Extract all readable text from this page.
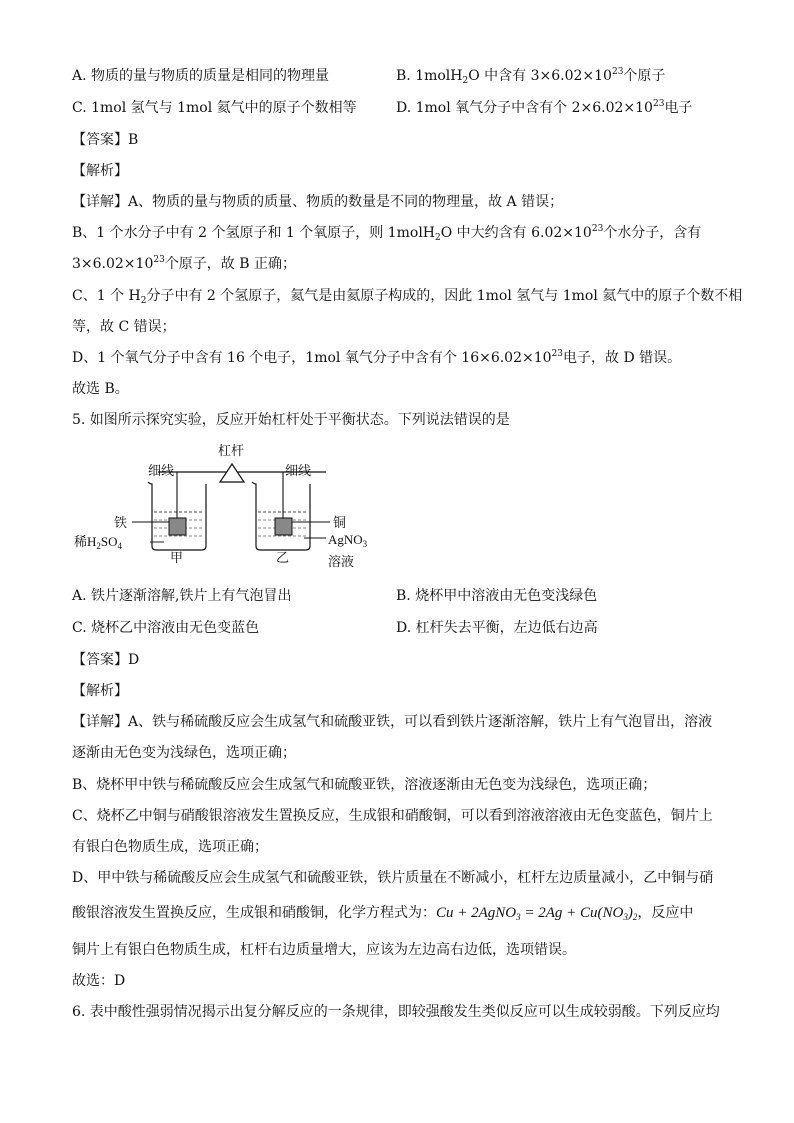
A. 物质的量与物质的质量是相同的物理量	B. 1molH$_2$O 中含有 $3\times 6.02\times 10^{23}$个原子
C. 1mol 氢气与 1mol 氦气中的原子个数相等	D. 1mol 氧气分子中含有个 $2\times 6.02\times 10^{23}$电子
【答案】B
【解析】
【详解】A、物质的量与物质的质量、物质的数量是不同的物理量，故 A 错误；
B、1 个水分子中有 2 个氢原子和 1 个氧原子，则 1molH$_2$O 中大约含有 $6.02\times 10^{23}$个水分子，含有
$3\times 6.02\times 10^{23}$个原子，故 B 正确；
C、1 个 $H_2$分子中有 2 个氢原子，氦气是由氦原子构成的，因此 1mol 氢气与 1mol 氦气中的原子个数不相
等，故 C 错误；
D、1 个氧气分子中含有 16 个电子，1mol 氧气分子中含有个 $16\times 6.02\times 10^{23}$电子，故 D 错误。
故选 B。
5. 如图所示探究实验，反应开始杠杆处于平衡状态。下列说法错误的是
杠杆
细线	细线
铁
稀$H_2SO_4$
甲
铜
AgNO$_3$
溶液
乙
A. 铁片逐渐溶解,铁片上有气泡冒出	B. 烧杯甲中溶液由无色变浅绿色
C. 烧杯乙中溶液由无色变蓝色	D. 杠杆失去平衡，左边低右边高
【答案】D
【解析】
【详解】A、铁与稀硫酸反应会生成氢气和硫酸亚铁，可以看到铁片逐渐溶解，铁片上有气泡冒出，溶液
逐渐由无色变为浅绿色，选项正确；
B、烧杯甲中铁与稀硫酸反应会生成氢气和硫酸亚铁，溶液逐渐由无色变为浅绿色，选项正确；
C、烧杯乙中铜与硝酸银溶液发生置换反应，生成银和硝酸铜，可以看到溶液溶液由无色变蓝色，铜片上
有银白色物质生成，选项正确；
D、甲中铁与稀硫酸反应会生成氢气和硫酸亚铁，铁片质量在不断减小，杠杆左边质量减小，乙中铜与硝
酸银溶液发生置换反应，生成银和硝酸铜，化学方程式为：Cu + 2AgNO$_3$ = $2Ag + Cu(NO_3)_2$，反应中
铜片上有银白色物质生成，杠杆右边质量增大，应该为左边高右边低，选项错误。
故选：D
6. 表中酸性强弱情况揭示出复分解反应的一条规律，即较强酸发生类似反应可以生成较弱酸。下列反应均
